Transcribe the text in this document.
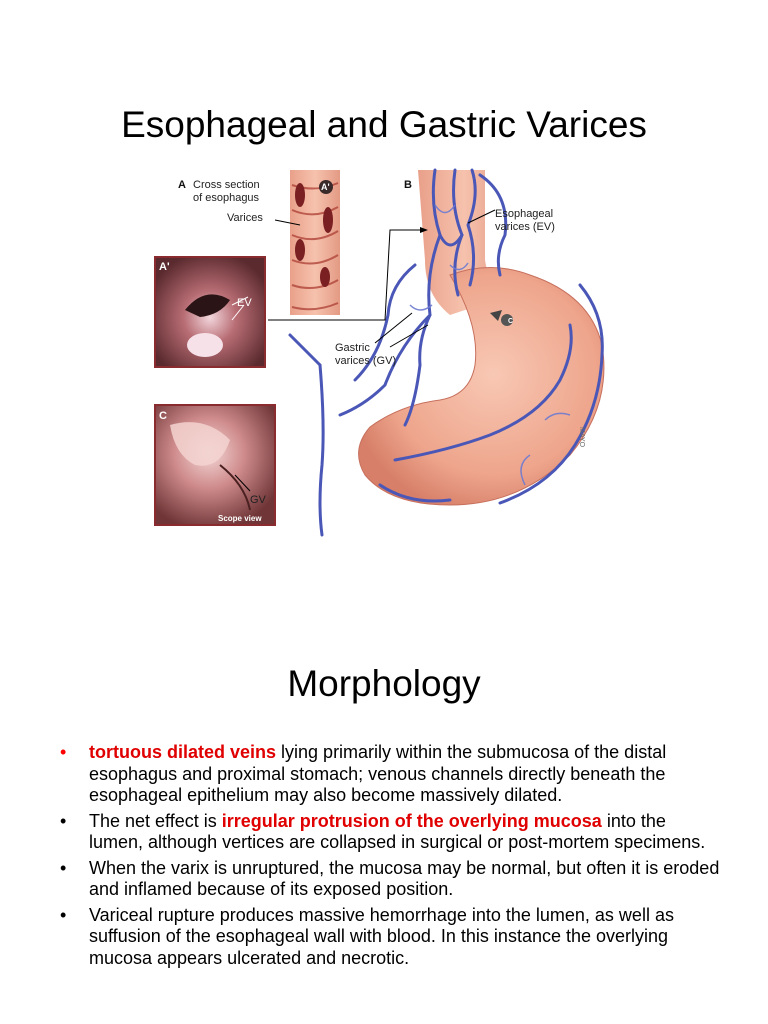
Esophageal and Gastric Varices
A Cross section
of esophagus
Varices
A'	B
Esophageal
varices (EV)
Gastric
varices (GV)
A'
EV
C
GV
Scope view
C
MAYO
Morphology
• tortuous dilated veins lying primarily within the submucosa of the distal esophagus and proximal stomach; venous channels directly beneath the esophageal epithelium may also become massively dilated.
• The net effect is irregular protrusion of the overlying mucosa into the lumen, although vertices are collapsed in surgical or post-mortem specimens.
• When the varix is unruptured, the mucosa may be normal, but often it is eroded and inflamed because of its exposed position.
• Variceal rupture produces massive hemorrhage into the lumen, as well as suffusion of the esophageal wall with blood. In this instance the overlying mucosa appears ulcerated and necrotic.
